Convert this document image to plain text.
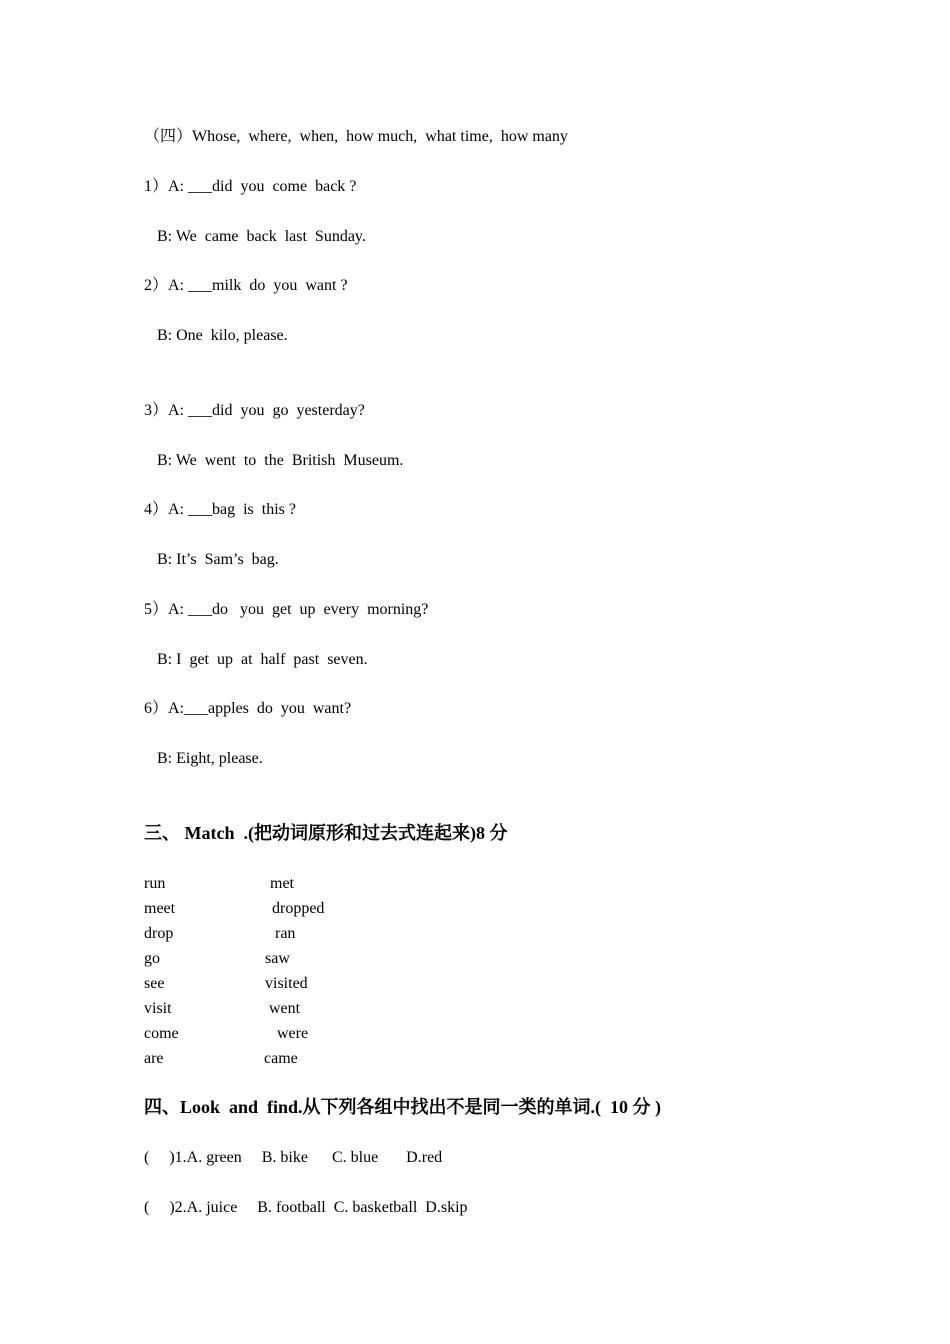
（四）Whose,  where,  when,  how much,  what time,  how many
1）A: ___did  you  come  back ?
B: We  came  back  last  Sunday.
2）A: ___milk  do  you  want ?
B: One  kilo, please.
3）A: ___did  you  go  yesterday?
B: We  went  to  the  British  Museum.
4）A: ___bag  is  this ?
B: It’s  Sam’s  bag.
5）A: ___do   you  get  up  every  morning?
B: I  get  up  at  half  past  seven.
6）A:___apples  do  you  want?
B: Eight, please.
三、 Match  .(把动词原形和过去式连起来)8 分
run
meet
drop
go
see
visit
come
are
met
dropped
ran
saw
visited
went
were
came
四、Look  and  find.从下列各组中找出不是同一类的单词.(  10 分 )
(     )1.A. green     B. bike      C. blue       D.red
(     )2.A. juice     B. football  C. basketball  D.skip
